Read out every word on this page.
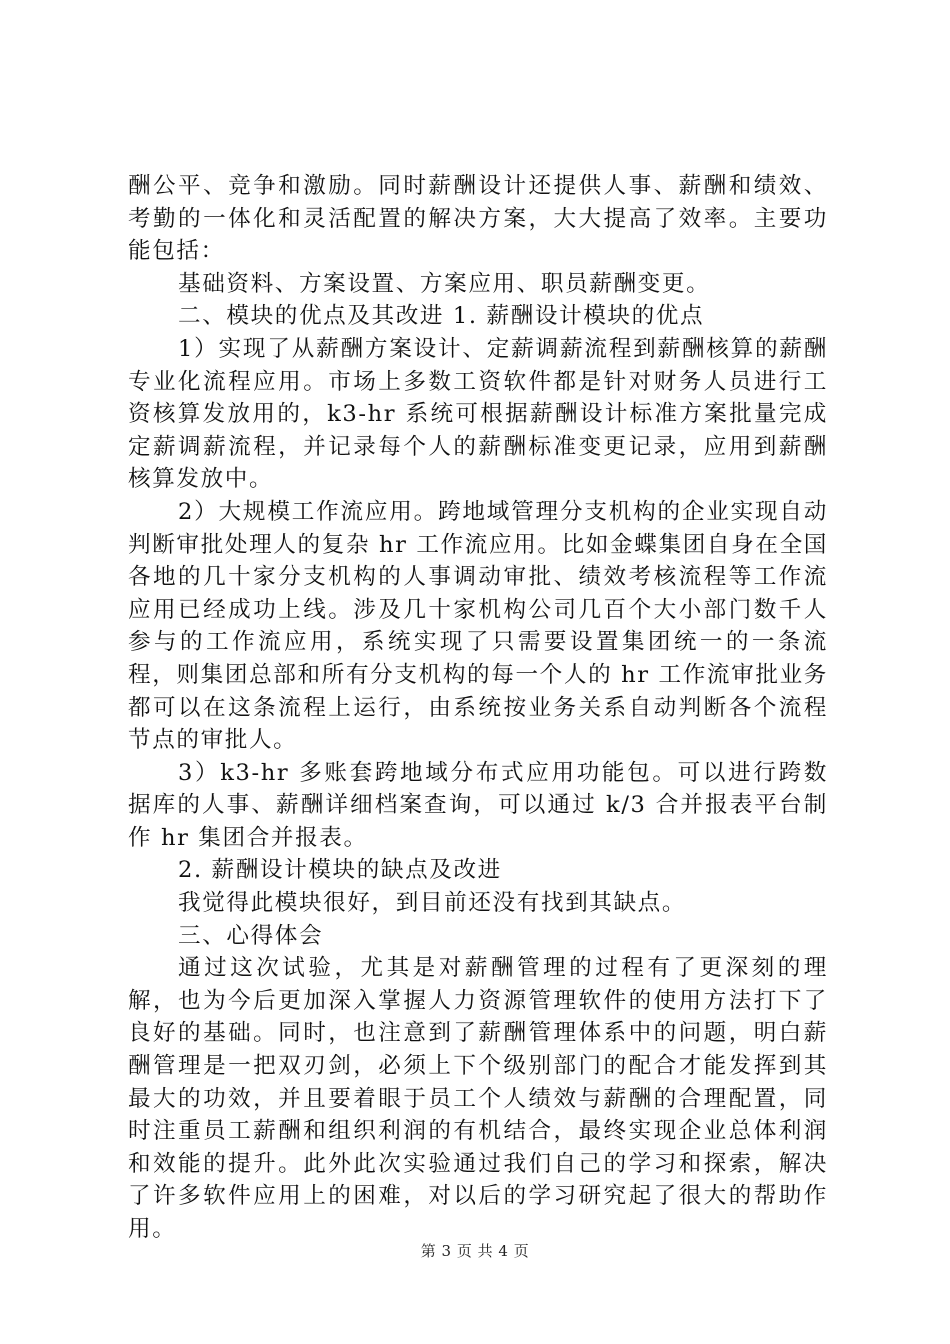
酬公平、竞争和激励。同时薪酬设计还提供人事、薪酬和绩效、考勤的一体化和灵活配置的解决方案，大大提高了效率。主要功能包括：

基础资料、方案设置、方案应用、职员薪酬变更。

二、模块的优点及其改进 1. 薪酬设计模块的优点

1）实现了从薪酬方案设计、定薪调薪流程到薪酬核算的薪酬专业化流程应用。市场上多数工资软件都是针对财务人员进行工资核算发放用的，k3-hr 系统可根据薪酬设计标准方案批量完成定薪调薪流程，并记录每个人的薪酬标准变更记录，应用到薪酬核算发放中。

2）大规模工作流应用。跨地域管理分支机构的企业实现自动判断审批处理人的复杂 hr 工作流应用。比如金蝶集团自身在全国各地的几十家分支机构的人事调动审批、绩效考核流程等工作流应用已经成功上线。涉及几十家机构公司几百个大小部门数千人参与的工作流应用，系统实现了只需要设置集团统一的一条流程，则集团总部和所有分支机构的每一个人的 hr 工作流审批业务都可以在这条流程上运行，由系统按业务关系自动判断各个流程节点的审批人。

3）k3-hr 多账套跨地域分布式应用功能包。可以进行跨数据库的人事、薪酬详细档案查询，可以通过 k/3 合并报表平台制作 hr 集团合并报表。

2. 薪酬设计模块的缺点及改进

我觉得此模块很好，到目前还没有找到其缺点。

三、心得体会

通过这次试验，尤其是对薪酬管理的过程有了更深刻的理解，也为今后更加深入掌握人力资源管理软件的使用方法打下了良好的基础。同时，也注意到了薪酬管理体系中的问题，明白薪酬管理是一把双刃剑，必须上下个级别部门的配合才能发挥到其最大的功效，并且要着眼于员工个人绩效与薪酬的合理配置，同时注重员工薪酬和组织利润的有机结合，最终实现企业总体利润和效能的提升。此外此次实验通过我们自己的学习和探索，解决了许多软件应用上的困难，对以后的学习研究起了很大的帮助作用。

第 3 页 共 4 页
